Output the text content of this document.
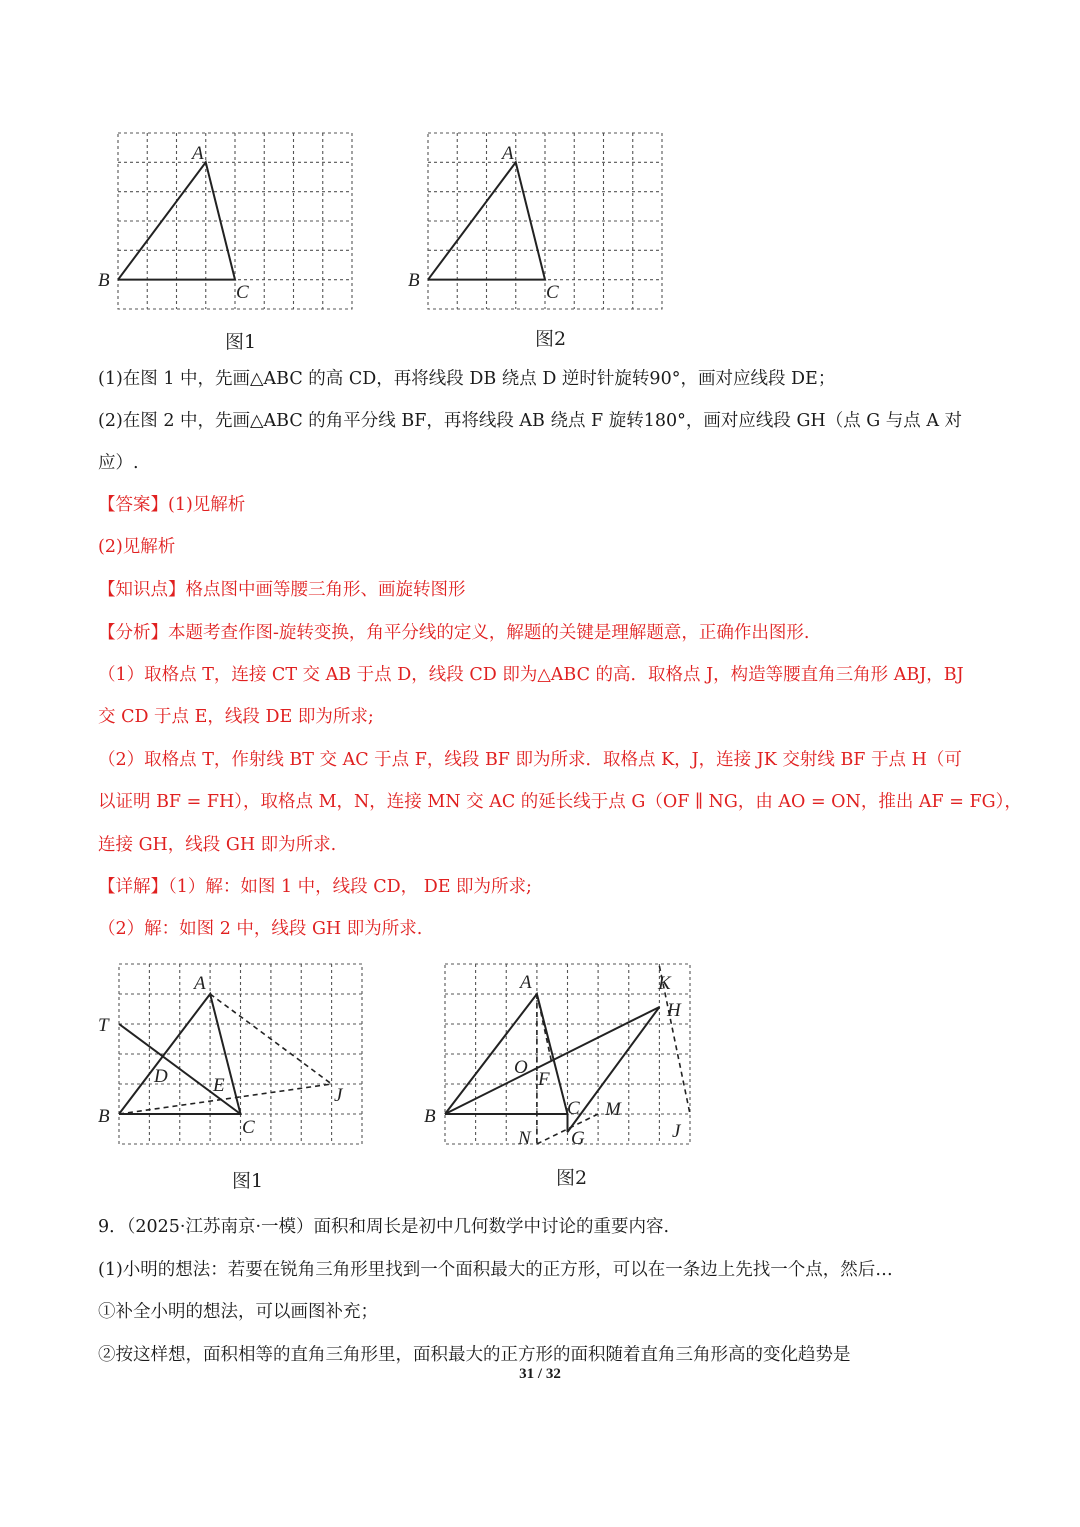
A
B
C
图1
A
B
C
图2
(1)在图 1 中，先画△ABC 的高 CD，再将线段 DB 绕点 D 逆时针旋转90°，画对应线段 DE；
(2)在图 2 中，先画△ABC 的角平分线 BF，再将线段 AB 绕点 F 旋转180°，画对应线段 GH（点 G 与点 A 对
应）.
【答案】(1)见解析
(2)见解析
【知识点】格点图中画等腰三角形、画旋转图形
【分析】本题考查作图-旋转变换，角平分线的定义，解题的关键是理解题意，正确作出图形.
（1）取格点 T，连接 CT 交 AB 于点 D，线段 CD 即为△ABC 的高．取格点 J，构造等腰直角三角形 ABJ，BJ
交 CD 于点 E，线段 DE 即为所求;
（2）取格点 T，作射线 BT 交 AC 于点 F，线段 BF 即为所求．取格点 K，J，连接 JK 交射线 BF 于点 H（可
以证明 BF = FH），取格点 M，N，连接 MN 交 AC 的延长线于点 G（OF ∥ NG，由 AO = ON，推出 AF = FG），
连接 GH，线段 GH 即为所求.
【详解】（1）解：如图 1 中，线段 CD， DE 即为所求;
（2）解：如图 2 中，线段 GH 即为所求.
A
T
D E	J
B
C
图1
A	K
H
O
F
B	C M
N G	J
图2
9．（2025·江苏南京·一模）面积和周长是初中几何数学中讨论的重要内容.
(1)小明的想法：若要在锐角三角形里找到一个面积最大的正方形，可以在一条边上先找一个点，然后…
①补全小明的想法，可以画图补充；
②按这样想，面积相等的直角三角形里，面积最大的正方形的面积随着直角三角形高的变化趋势是
31 / 32
